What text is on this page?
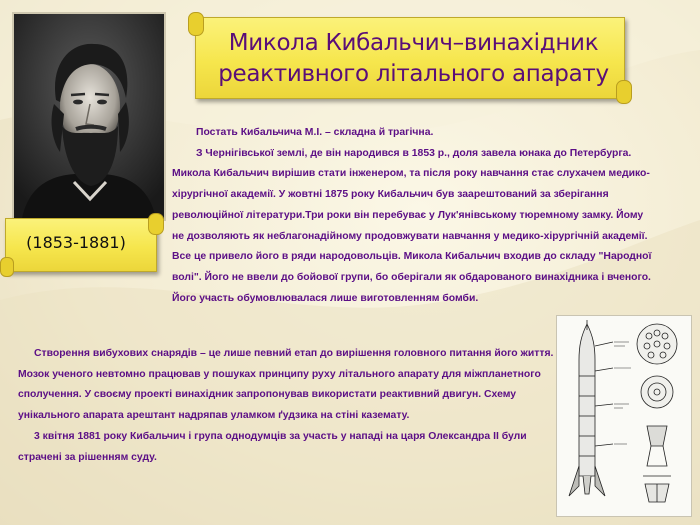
Микола Кибальчич–винахідник реактивного літального апарату
(1853-1881)
Постать Кибальчича М.І. – складна й трагічна.
З Чернігівської землі, де він народився в 1853 р., доля завела юнака до Петербурга. Микола Кибальчич вирішив стати інженером, та після року навчання стає слухачем медико-хірургічної академії. У жовтні 1875 року Кибальчич був заарештований за зберігання революційної літератури.Три роки він перебуває у Лук'янівському тюремному замку. Йому не дозволяють як неблагонадійному продовжувати навчання у медико-хірургічній академії. Все це привело його в ряди народовольців. Микола Кибальчич входив до складу "Народної волі". Його не ввели до бойової групи, бо оберігали як обдарованого винахідника і вченого. Його участь обумовлювалася лише виготовленням бомби.
Створення вибухових снарядів – це лише певний етап до вирішення головного питання його життя. Мозок ученого невтомно працював у пошуках принципу руху літального апарату для міжпланетного сполучення. У своєму проекті винахідник запропонував використати реактивний двигун. Схему унікального апарата арештант надряпав уламком ґудзика на стіні каземату.
3 квітня 1881 року Кибальчич і група однодумців за участь у нападі на царя Олександра ІІ були страчені за рішенням суду.
